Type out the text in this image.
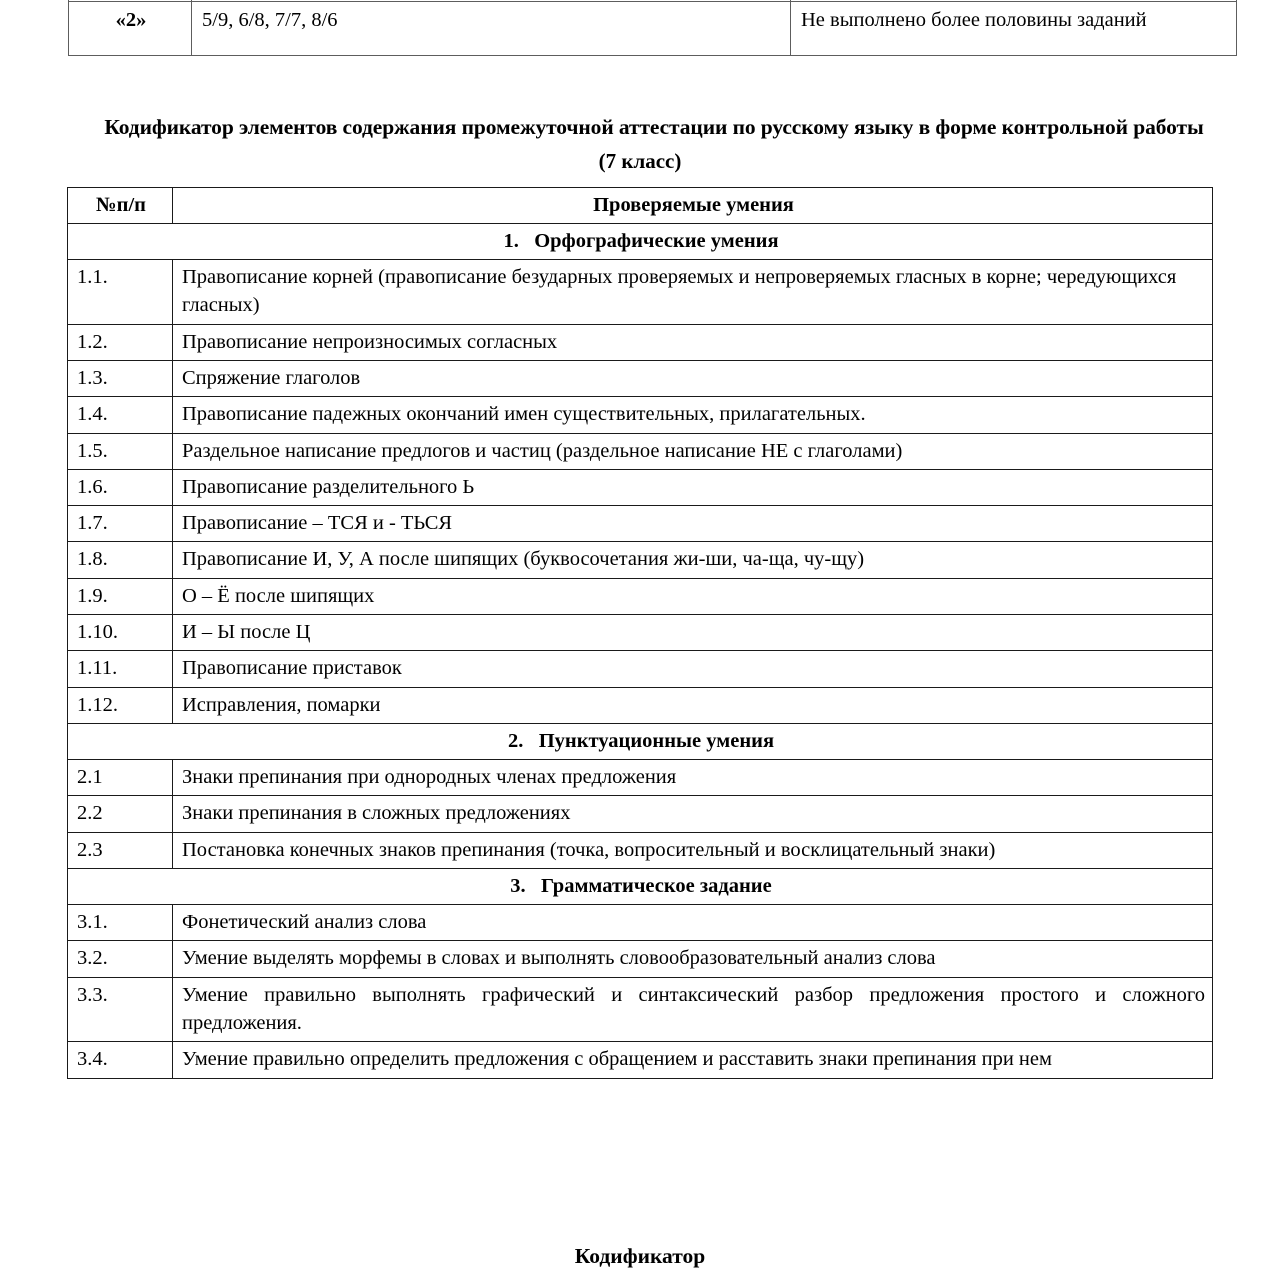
«2»	5/9, 6/8, 7/7, 8/6	Не выполнено более половины заданий
Кодификатор элементов содержания промежуточной аттестации по русскому языку в форме контрольной работы
(7 класс)
№п/п	Проверяемые умения
1.   Орфографические умения	
1.1.	Правописание корней (правописание безударных проверяемых и непроверяемых гласных в корне; чередующихся гласных)
1.2.	Правописание непроизносимых согласных
1.3.	Спряжение глаголов
1.4.	Правописание падежных окончаний имен существительных, прилагательных.
1.5.	Раздельное написание предлогов и частиц (раздельное написание НЕ с глаголами)
1.6.	Правописание разделительного Ь
1.7.	Правописание – ТСЯ и - ТЬСЯ
1.8.	Правописание И, У, А после шипящих (буквосочетания жи-ши, ча-ща, чу-щу)
1.9.	О – Ё после шипящих
1.10.	И – Ы после Ц
1.11.	Правописание приставок
1.12.	Исправления, помарки
2.   Пунктуационные умения	
2.1	Знаки препинания при однородных членах предложения
2.2	Знаки препинания в сложных предложениях
2.3	Постановка конечных знаков препинания (точка, вопросительный и восклицательный знаки)
3.   Грамматическое задание	
3.1.	Фонетический анализ слова
3.2.	Умение выделять морфемы в словах и выполнять словообразовательный анализ слова
3.3.	Умение правильно выполнять графический и синтаксический разбор предложения простого и сложного предложения.
3.4.	Умение правильно определить предложения с обращением и расставить знаки препинания при нем
Кодификатор
